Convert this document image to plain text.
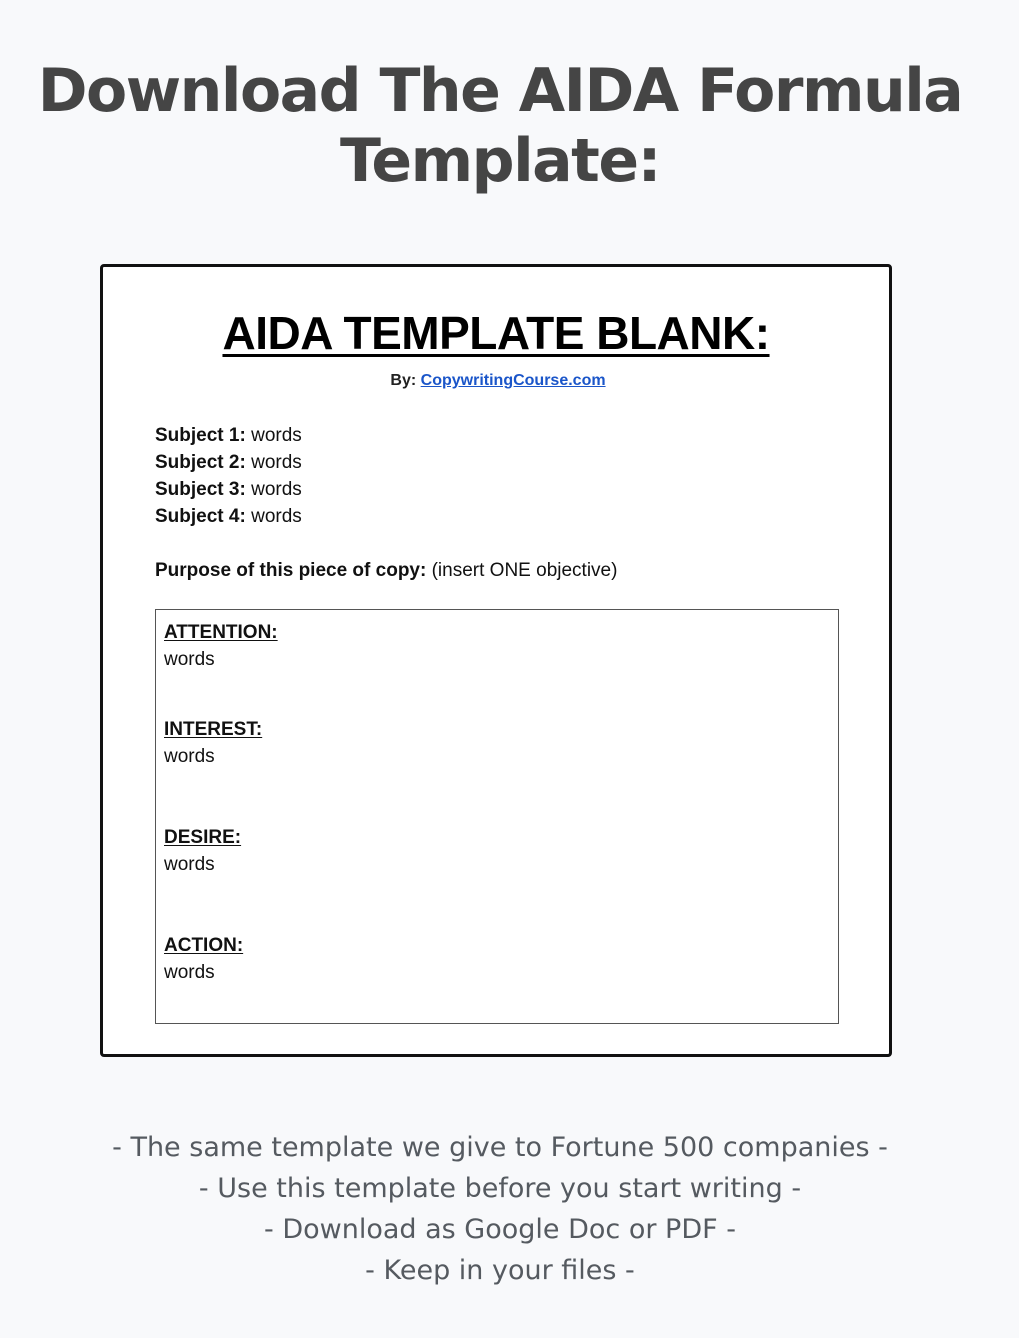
Download The AIDA Formula Template:
AIDA TEMPLATE BLANK:
By: CopywritingCourse.com
Subject 1: words
Subject 2: words
Subject 3: words
Subject 4: words
Purpose of this piece of copy: (insert ONE objective)
ATTENTION:
words
INTEREST:
words
DESIRE:
words
ACTION:
words
- The same template we give to Fortune 500 companies -
- Use this template before you start writing -
- Download as Google Doc or PDF -
- Keep in your files -
